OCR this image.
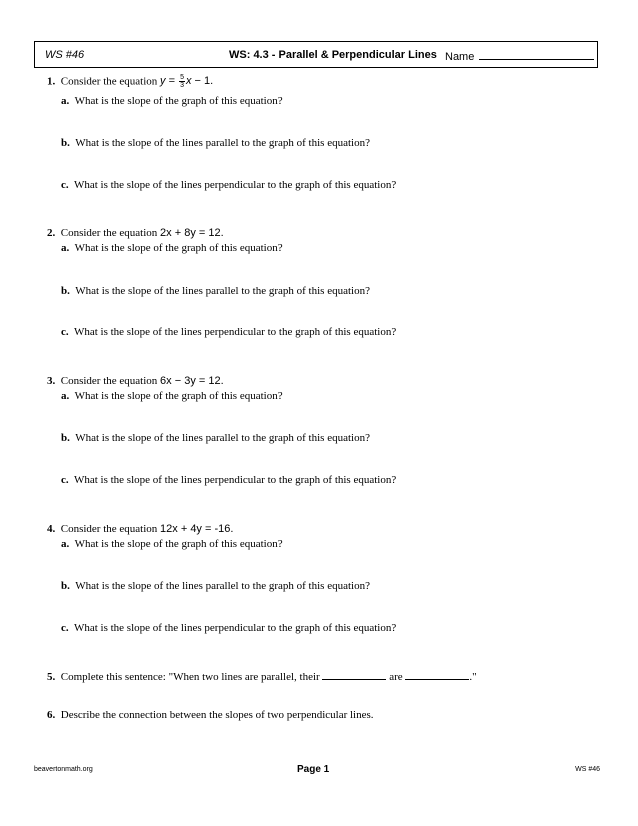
WS #46	WS: 4.3 - Parallel & Perpendicular Lines Name
1. Consider the equation $y = \frac{5}{3}$ x − 1.
a. What is the slope of the graph of this equation?
b. What is the slope of the lines parallel to the graph of this equation?
c. What is the slope of the lines perpendicular to the graph of this equation?
2. Consider the equation 2x + 8y = 12.
a. What is the slope of the graph of this equation?
b. What is the slope of the lines parallel to the graph of this equation?
c. What is the slope of the lines perpendicular to the graph of this equation?
3. Consider the equation 6x − 3y = 12.
a. What is the slope of the graph of this equation?
b. What is the slope of the lines parallel to the graph of this equation?
c. What is the slope of the lines perpendicular to the graph of this equation?
4. Consider the equation 12x + 4y = -16.
a. What is the slope of the graph of this equation?
b. What is the slope of the lines parallel to the graph of this equation?
c. What is the slope of the lines perpendicular to the graph of this equation?
5. Complete this sentence: "When two lines are parallel, their	are	."
6. Describe the connection between the slopes of two perpendicular lines.
beavertonmath.org	Page 1	WS #46
